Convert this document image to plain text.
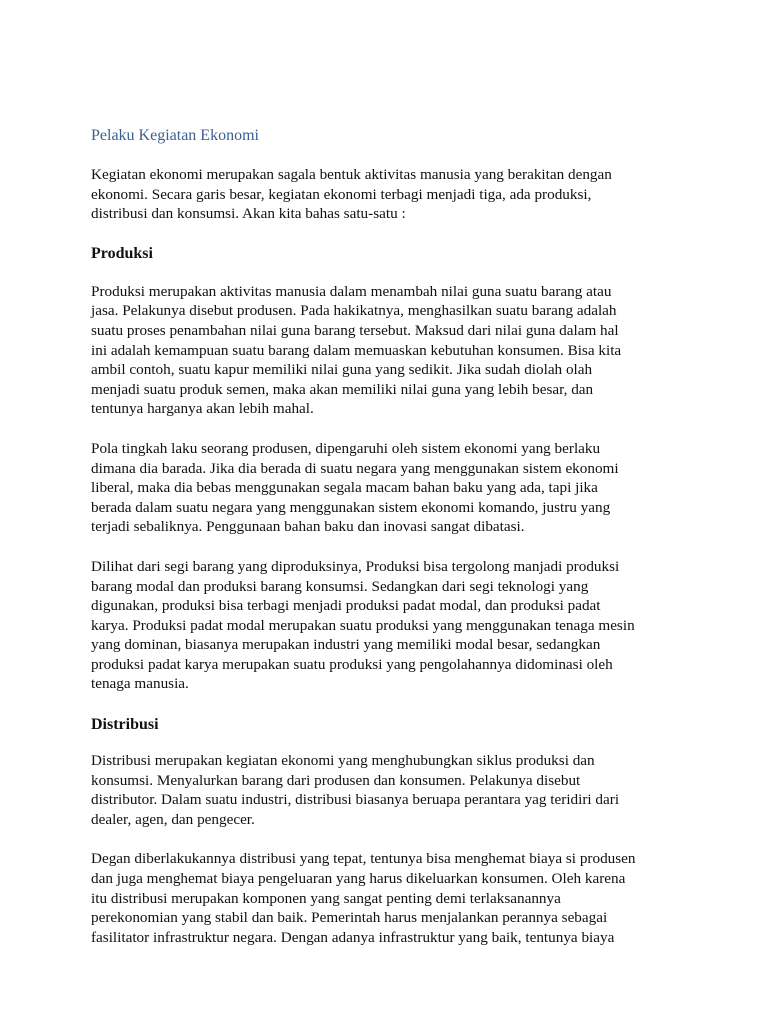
Pelaku Kegiatan Ekonomi
Kegiatan ekonomi merupakan sagala bentuk aktivitas manusia yang berakitan dengan
ekonomi. Secara garis besar, kegiatan ekonomi terbagi menjadi tiga, ada produksi,
distribusi dan konsumsi. Akan kita bahas satu-satu :
Produksi
Produksi merupakan aktivitas manusia dalam menambah nilai guna suatu barang atau
jasa. Pelakunya disebut produsen. Pada hakikatnya, menghasilkan suatu barang adalah
suatu proses penambahan nilai guna barang tersebut. Maksud dari nilai guna dalam hal
ini adalah kemampuan suatu barang dalam memuaskan kebutuhan konsumen. Bisa kita
ambil contoh, suatu kapur memiliki nilai guna yang sedikit. Jika sudah diolah olah
menjadi suatu produk semen, maka akan memiliki nilai guna yang lebih besar, dan
tentunya harganya akan lebih mahal.
Pola tingkah laku seorang produsen, dipengaruhi oleh sistem ekonomi yang berlaku
dimana dia barada. Jika dia berada di suatu negara yang menggunakan sistem ekonomi
liberal, maka dia bebas menggunakan segala macam bahan baku yang ada, tapi jika
berada dalam suatu negara yang menggunakan sistem ekonomi komando, justru yang
terjadi sebaliknya. Penggunaan bahan baku dan inovasi sangat dibatasi.
Dilihat dari segi barang yang diproduksinya, Produksi bisa tergolong manjadi produksi
barang modal dan produksi barang konsumsi. Sedangkan dari segi teknologi yang
digunakan, produksi bisa terbagi menjadi produksi padat modal, dan produksi padat
karya. Produksi padat modal merupakan suatu produksi yang menggunakan tenaga mesin
yang dominan, biasanya merupakan industri yang memiliki modal besar, sedangkan
produksi padat karya merupakan suatu produksi yang pengolahannya didominasi oleh
tenaga manusia.
Distribusi
Distribusi merupakan kegiatan ekonomi yang menghubungkan siklus produksi dan
konsumsi. Menyalurkan barang dari produsen dan konsumen. Pelakunya disebut
distributor. Dalam suatu industri, distribusi biasanya beruapa perantara yag teridiri dari
dealer, agen, dan pengecer.
Degan diberlakukannya distribusi yang tepat, tentunya bisa menghemat biaya si produsen
dan juga menghemat biaya pengeluaran yang harus dikeluarkan konsumen. Oleh karena
itu distribusi merupakan komponen yang sangat penting demi terlaksanannya
perekonomian yang stabil dan baik. Pemerintah harus menjalankan perannya sebagai
fasilitator infrastruktur negara. Dengan adanya infrastruktur yang baik, tentunya biaya
